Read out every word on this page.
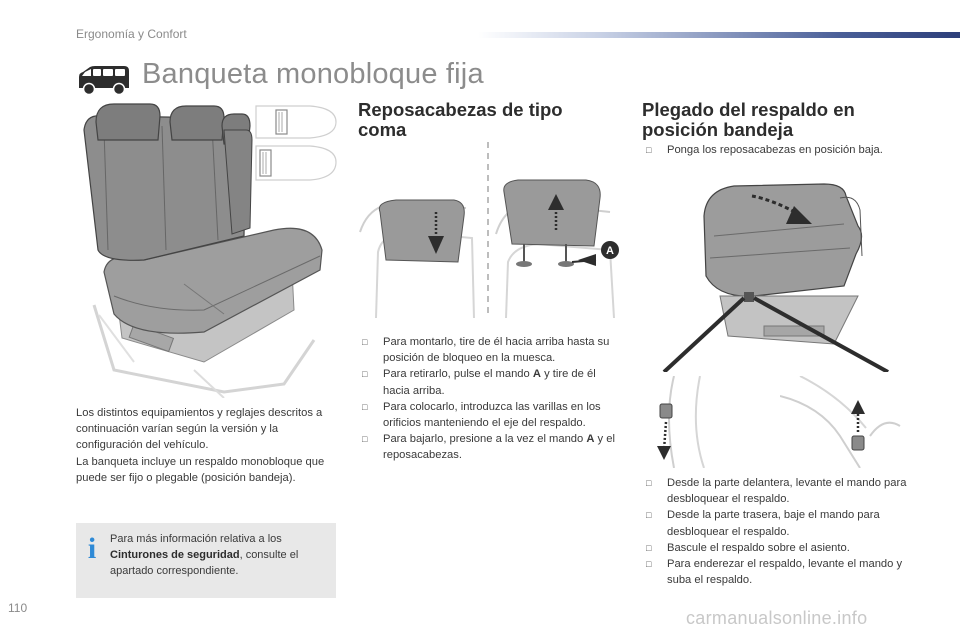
Ergonomía y Confort
Banqueta monobloque fija

Los distintos equipamientos y reglajes descritos a continuación varían según la versión y la configuración del vehículo.

La banqueta incluye un respaldo monobloque que puede ser fijo o plegable (posición bandeja).

i Para más información relativa a los Cinturones de seguridad, consulte el apartado correspondiente.
Reposacabezas de tipo
coma
A
□ Para montarlo, tire de él hacia arriba hasta su posición de bloqueo en la muesca.
□ Para retirarlo, pulse el mando A y tire de él hacia arriba.
□ Para colocarlo, introduzca las varillas en los orificios manteniendo el eje del respaldo.
□ Para bajarlo, presione a la vez el mando A y el reposacabezas.
Plegado del respaldo en
posición bandeja
□ Ponga los reposacabezas en posición baja.
□ Desde la parte delantera, levante el mando para desbloquear el respaldo.
□ Desde la parte trasera, baje el mando para desbloquear el respaldo.
□ Bascule el respaldo sobre el asiento.
□ Para enderezar el respaldo, levante el mando y suba el respaldo.
110	carmanualsonline.info
